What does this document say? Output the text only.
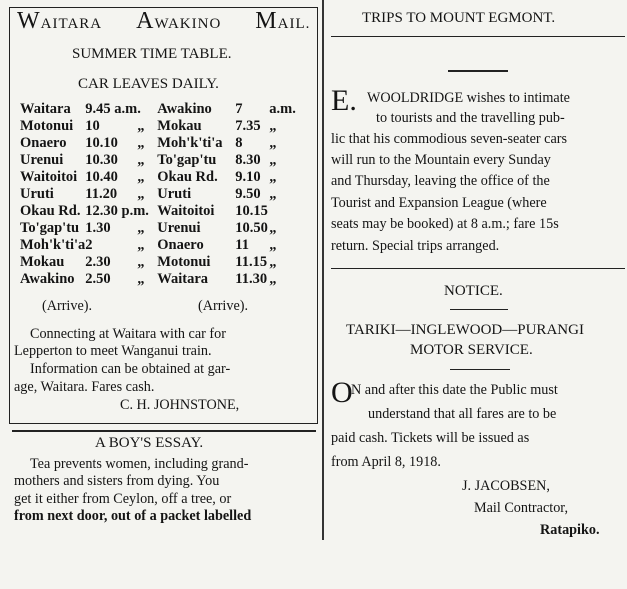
WAITARA AWAKINO MAIL.
SUMMER TIME TABLE.
CAR LEAVES DAILY.
Waitara	9.45 a.m.		Awakino	7	a.m.
Motonui	10	„	Mokau	7.35	„
Onaero	10.10	„	Moh'k'ti'a	8	„
Urenui	10.30	„	To'gap'tu	8.30	„
Waitoitoi	10.40	„	Okau Rd.	9.10	„
Uruti	11.20	„	Uruti	9.50	„
Okau Rd.	12.30 p.m.		Waitoitoi	10.15	
To'gap'tu	1.30	„	Urenui	10.50	„
Moh'k'ti'a	2	„	Onaero	11	„
Mokau	2.30	„	Motonui	11.15	„
Awakino	2.50	„	Waitara	11.30	„
(Arrive).	(Arrive).
Connecting at Waitara with car for
Lepperton to meet Wanganui train.
Information can be obtained at gar-
age, Waitara. Fares cash.
C. H. JOHNSTONE,
A BOY'S ESSAY.
Tea prevents women, including grand-
mothers and sisters from dying. You
get it either from Ceylon, off a tree, or
from next door, out of a packet labelled
TRIPS TO MOUNT EGMONT.
E. WOOLDRIDGE wishes to intimate
to tourists and the travelling pub-
lic that his commodious seven-seater cars
will run to the Mountain every Sunday
and Thursday, leaving the office of the
Tourist and Expansion League (where
seats may be booked) at 8 a.m.; fare 15s
return. Special trips arranged.
NOTICE.
TARIKI—INGLEWOOD—PURANGI
MOTOR SERVICE.
O
N and after this date the Public must
understand that all fares are to be
paid cash. Tickets will be issued as
from April 8, 1918.
J. JACOBSEN,
Mail Contractor,
Ratapiko.
